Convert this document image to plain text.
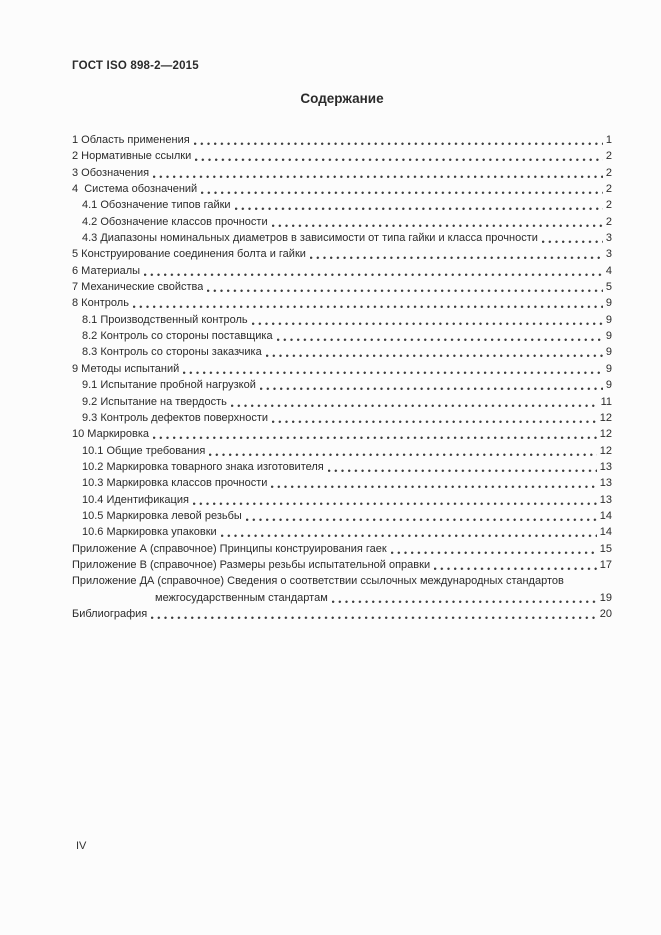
ГОСТ ISO 898-2—2015
Содержание
1 Область применения	1
2 Нормативные ссылки	2
3 Обозначения	2
4  Система обозначений	2
4.1 Обозначение типов гайки	2
4.2 Обозначение классов прочности	2
4.3 Диапазоны номинальных диаметров в зависимости от типа гайки и класса прочности	3
5 Конструирование соединения болта и гайки	3
6 Материалы	4
7 Механические свойства	5
8 Контроль	9
8.1 Производственный контроль	9
8.2 Контроль со стороны поставщика	9
8.3 Контроль со стороны заказчика	9
9 Методы испытаний	9
9.1 Испытание пробной нагрузкой	9
9.2 Испытание на твердость	11
9.3 Контроль дефектов поверхности	12
10 Маркировка	12
10.1 Общие требования	12
10.2 Маркировка товарного знака изготовителя	13
10.3 Маркировка классов прочности	13
10.4 Идентификация	13
10.5 Маркировка левой резьбы	14
10.6 Маркировка упаковки	14
Приложение А (справочное) Принципы конструирования гаек	15
Приложение В (справочное) Размеры резьбы испытательной оправки	17
Приложение ДА (справочное) Сведения о соответствии ссылочных международных стандартов
межгосударственным стандартам	19
Библиография	20
IV
